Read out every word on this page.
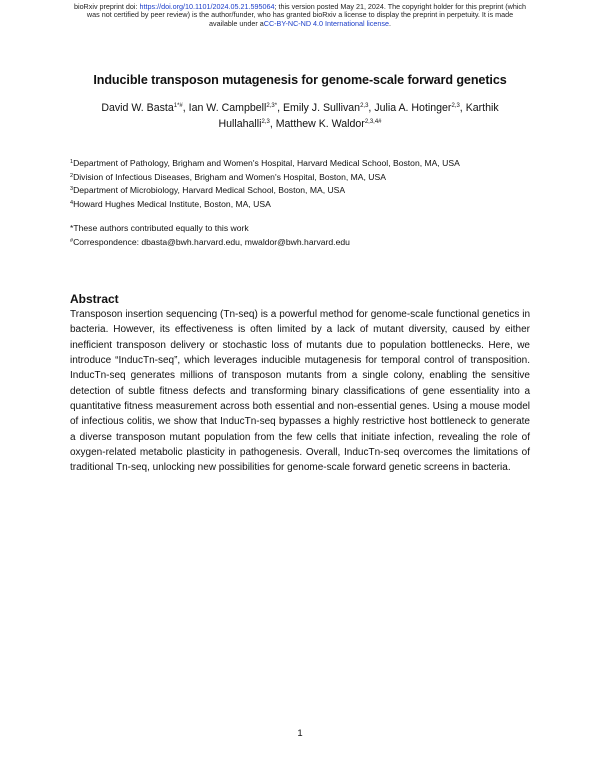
bioRxiv preprint doi: https://doi.org/10.1101/2024.05.21.595064; this version posted May 21, 2024. The copyright holder for this preprint (which
was not certified by peer review) is the author/funder, who has granted bioRxiv a license to display the preprint in perpetuity. It is made
available under aCC-BY-NC-ND 4.0 International license.
Inducible transposon mutagenesis for genome-scale forward genetics
David W. Basta$^{1*\#}$, Ian W. Campbell$^{2,3*}$, Emily J. Sullivan$^{2,3}$, Julia A. Hotinger$^{2,3}$, Karthik Hullahalli$^{2,3}$, Matthew K. Waldor$^{2,3,4\#}$
$^1$Department of Pathology, Brigham and Women's Hospital, Harvard Medical School, Boston, MA, USA
$^2$Division of Infectious Diseases, Brigham and Women's Hospital, Boston, MA, USA
$^3$Department of Microbiology, Harvard Medical School, Boston, MA, USA
$^4$Howard Hughes Medical Institute, Boston, MA, USA
*These authors contributed equally to this work
#Correspondence: dbasta@bwh.harvard.edu, mwaldor@bwh.harvard.edu
Abstract
Transposon insertion sequencing (Tn-seq) is a powerful method for genome-scale functional genetics in bacteria. However, its effectiveness is often limited by a lack of mutant diversity, caused by either inefficient transposon delivery or stochastic loss of mutants due to population bottlenecks. Here, we introduce “InducTn-seq”, which leverages inducible mutagenesis for temporal control of transposition. InducTn-seq generates millions of transposon mutants from a single colony, enabling the sensitive detection of subtle fitness defects and transforming binary classifications of gene essentiality into a quantitative fitness measurement across both essential and non-essential genes. Using a mouse model of infectious colitis, we show that InducTn-seq bypasses a highly restrictive host bottleneck to generate a diverse transposon mutant population from the few cells that initiate infection, revealing the role of oxygen-related metabolic plasticity in pathogenesis. Overall, InducTn-seq overcomes the limitations of traditional Tn-seq, unlocking new possibilities for genome-scale forward genetic screens in bacteria.
1
